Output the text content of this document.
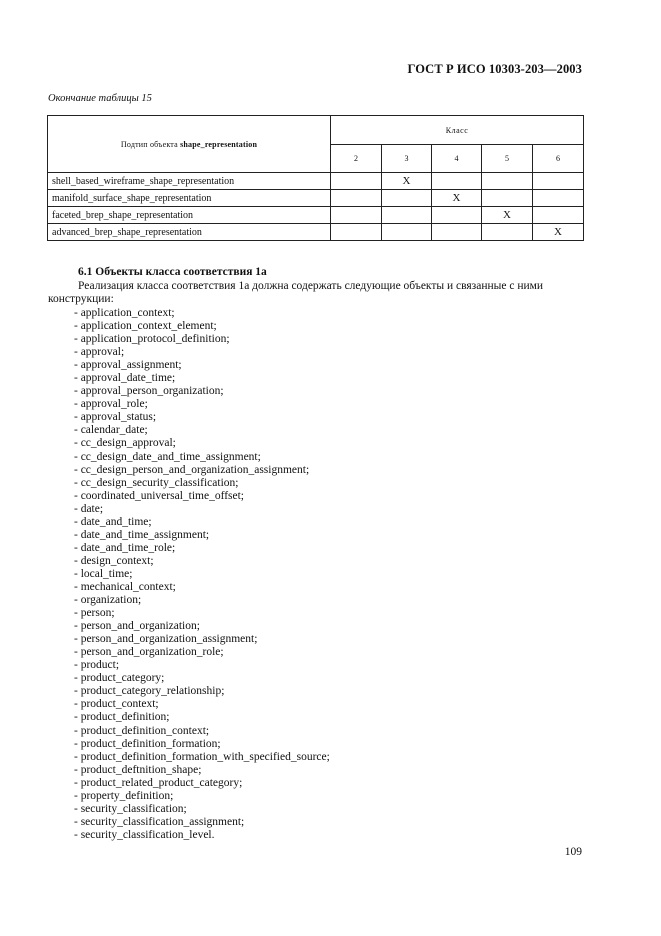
ГОСТ Р ИСО 10303-203—2003
Окончание таблицы 15
Подтип объекта shape_representation	Класс				
	2	3	4	5	6
shell_based_wireframe_shape_representation		X			
manifold_surface_shape_representation			X		
faceted_brep_shape_representation				X	
advanced_brep_shape_representation					X
6.1 Объекты класса соответствия 1а

Реализация класса соответствия 1а должна содержать следующие объекты и связанные с ними конструкции:

- application_context;
- application_context_element;
- application_protocol_definition;
- approval;
- approval_assignment;
- approval_date_time;
- approval_person_organization;
- approval_role;
- approval_status;
- calendar_date;
- cc_design_approval;
- cc_design_date_and_time_assignment;
- cc_design_person_and_organization_assignment;
- cc_design_security_classification;
- coordinated_universal_time_offset;
- date;
- date_and_time;
- date_and_time_assignment;
- date_and_time_role;
- design_context;
- local_time;
- mechanical_context;
- organization;
- person;
- person_and_organization;
- person_and_organization_assignment;
- person_and_organization_role;
- product;
- product_category;
- product_category_relationship;
- product_context;
- product_definition;
- product_definition_context;
- product_definition_formation;
- product_definition_formation_with_specified_source;
- product_deftnition_shape;
- product_related_product_category;
- property_definition;
- security_classification;
- security_classification_assignment;
- security_classification_level.
109
